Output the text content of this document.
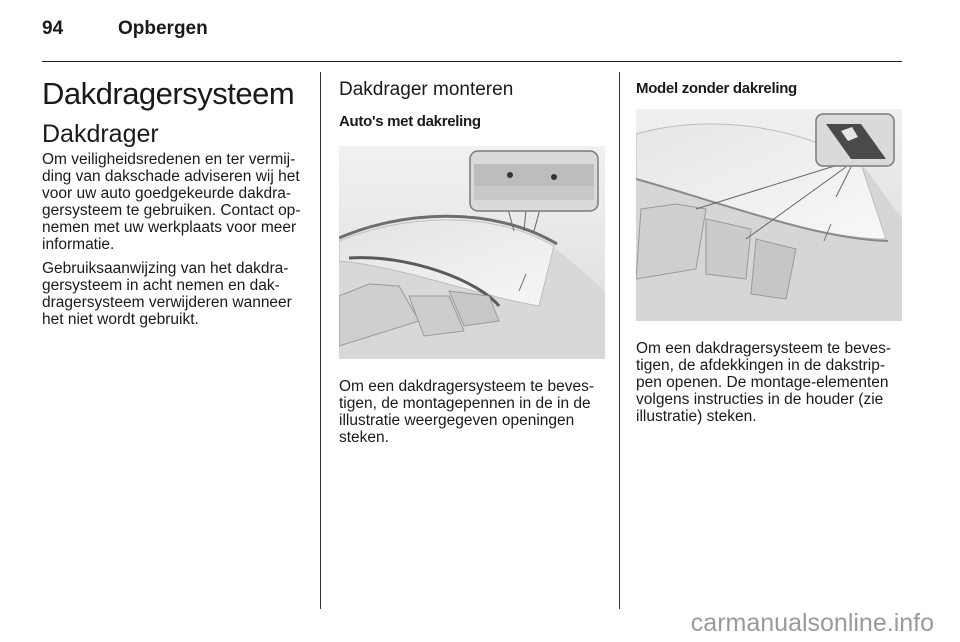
94	Opbergen
Dakdragersysteem
Dakdrager

Om veiligheidsredenen en ter vermijding van dakschade adviseren wij het voor uw auto goedgekeurde dakdragersysteem te gebruiken. Contact opnemen met uw werkplaats voor meer informatie.

Gebruiksaanwijzing van het dakdragersysteem in acht nemen en dakdragersysteem verwijderen wanneer het niet wordt gebruikt.

Dakdrager monteren
Auto's met dakreling

Om een dakdragersysteem te bevestigen, de montagepennen in de in de illustratie weergegeven openingen steken.

Model zonder dakreling

Om een dakdragersysteem te bevestigen, de afdekkingen in de dakstrippen openen. De montage-elementen volgens instructies in de houder (zie illustratie) steken.

carmanualsonline.info
